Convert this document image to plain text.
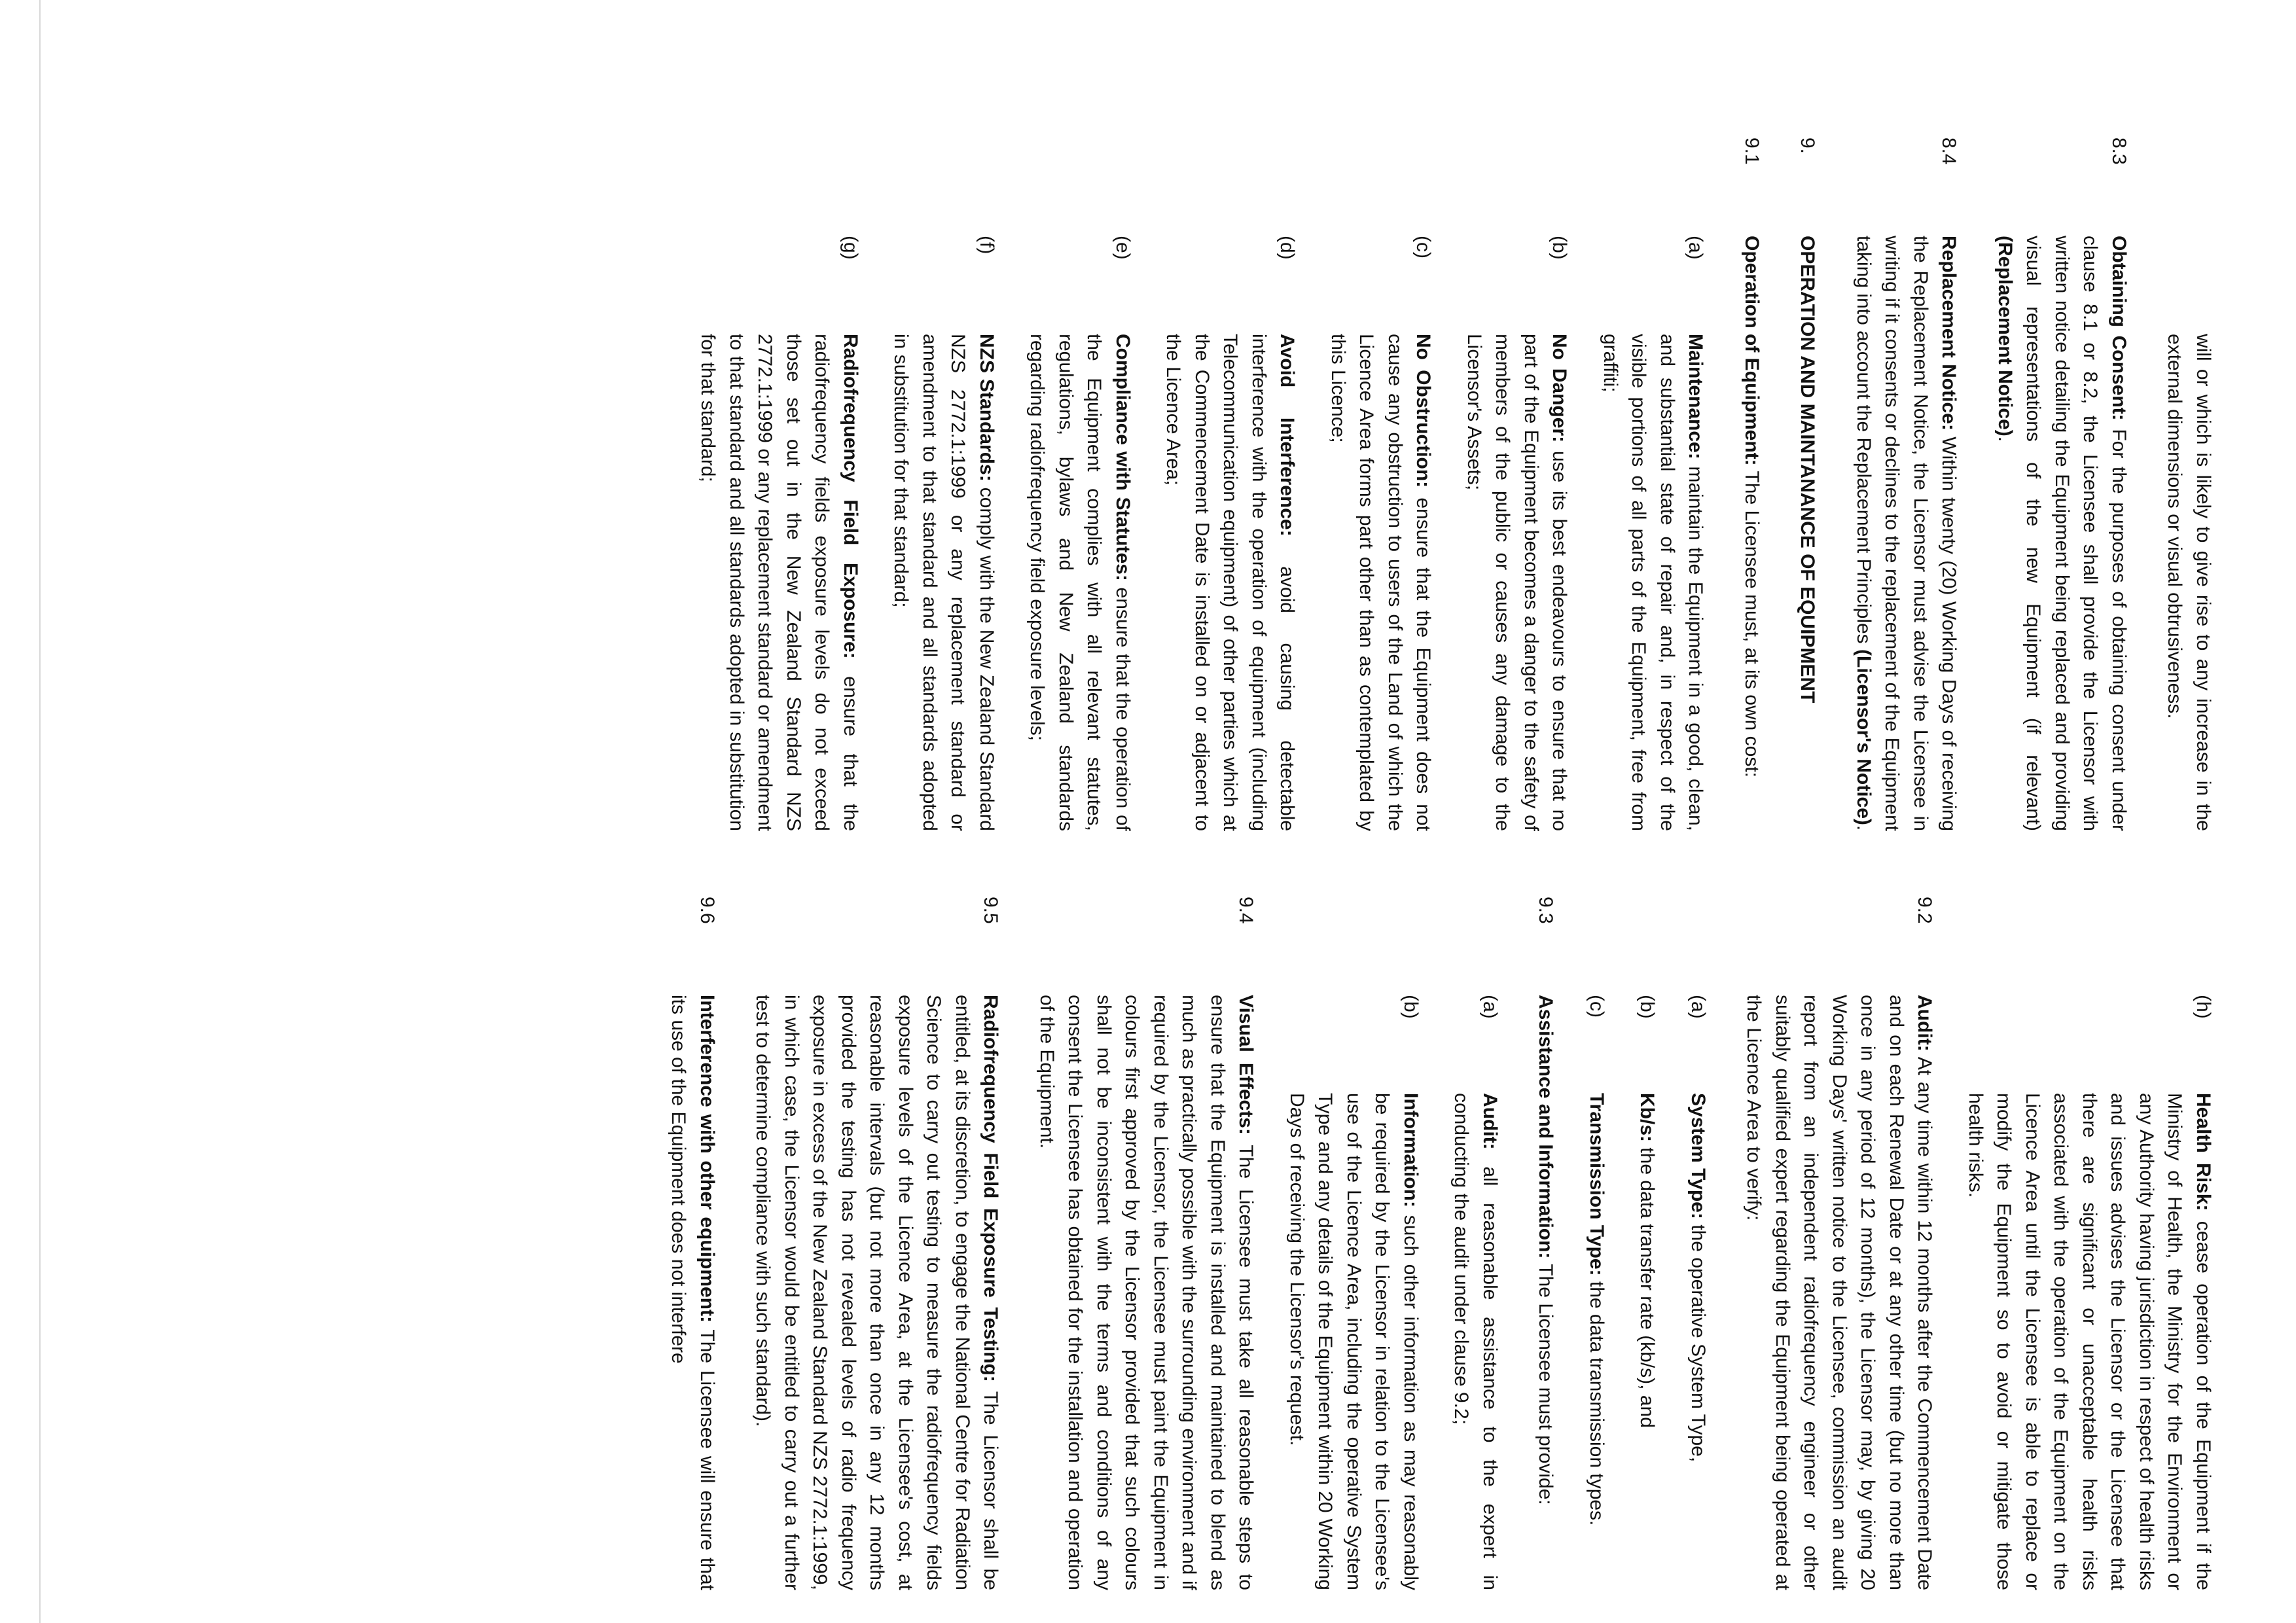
will or which is likely to give rise to any increase in the external dimensions or visual obtrusiveness.

8.3

Obtaining Consent: For the purposes of obtaining consent under clause 8.1 or 8.2, the Licensee shall provide the Licensor with written notice detailing the Equipment being replaced and providing visual representations of the new Equipment (if relevant) (Replacement Notice).

8.4

Replacement Notice: Within twenty (20) Working Days of receiving the Replacement Notice, the Licensor must advise the Licensee in writing if it consents or declines to the replacement of the Equipment taking into account the Replacement Principles (Licensor's Notice).

9.

OPERATION AND MAINTANANCE OF EQUIPMENT

9.1

Operation of Equipment: The Licensee must, at its own cost:

(a)

Maintenance: maintain the Equipment in a good, clean, and substantial state of repair and, in respect of the visible portions of all parts of the Equipment, free from graffiti;

(b)

No Danger: use its best endeavours to ensure that no part of the Equipment becomes a danger to the safety of members of the public or causes any damage to the Licensor's Assets;

(c)

No Obstruction: ensure that the Equipment does not cause any obstruction to users of the Land of which the Licence Area forms part other than as contemplated by this Licence;

(d)

Avoid Interference: avoid causing detectable interference with the operation of equipment (including Telecommunication equipment) of other parties which at the Commencement Date is installed on or adjacent to the Licence Area;

(e)

Compliance with Statutes: ensure that the operation of the Equipment complies with all relevant statutes, regulations, bylaws and New Zealand standards regarding radiofrequency field exposure levels;

(f)

NZS Standards: comply with the New Zealand Standard NZS 2772.1:1999 or any replacement standard or amendment to that standard and all standards adopted in substitution for that standard;

(g)

Radiofrequency Field Exposure: ensure that the radiofrequency fields exposure levels do not exceed those set out in the New Zealand Standard NZS 2772.1:1999 or any replacement standard or amendment to that standard and all standards adopted in substitution for that standard;

(h)

Health Risk: cease operation of the Equipment if the Ministry of Health, the Ministry for the Environment or any Authority having jurisdiction in respect of health risks and issues advises the Licensor or the Licensee that there are significant or unacceptable health risks associated with the operation of the Equipment on the Licence Area until the Licensee is able to replace or modify the Equipment so to avoid or mitigate those health risks.

9.2

Audit: At any time within 12 months after the Commencement Date and on each Renewal Date or at any other time (but no more than once in any period of 12 months), the Licensor may, by giving 20 Working Days' written notice to the Licensee, commission an audit report from an independent radiofrequency engineer or other suitably qualified expert regarding the Equipment being operated at the Licence Area to verify:

(a)

System Type: the operative System Type,

(b)

Kb/s: the data transfer rate (kb/s), and

(c)

Transmission Type: the data transmission types.

9.3

Assistance and Information: The Licensee must provide:

(a)

Audit: all reasonable assistance to the expert in conducting the audit under clause 9.2;

(b)

Information: such other information as may reasonably be required by the Licensor in relation to the Licensee's use of the Licence Area, including the operative System Type and any details of the Equipment within 20 Working Days of receiving the Licensor's request.

9.4

Visual Effects: The Licensee must take all reasonable steps to ensure that the Equipment is installed and maintained to blend as much as practically possible with the surrounding environment and if required by the Licensor, the Licensee must paint the Equipment in colours first approved by the Licensor provided that such colours shall not be inconsistent with the terms and conditions of any consent the Licensee has obtained for the installation and operation of the Equipment.

9.5

Radiofrequency Field Exposure Testing: The Licensor shall be entitled, at its discretion, to engage the National Centre for Radiation Science to carry out testing to measure the radiofrequency fields exposure levels of the Licence Area, at the Licensee's cost, at reasonable intervals (but not more than once in any 12 months provided the testing has not revealed levels of radio frequency exposure in excess of the New Zealand Standard NZS 2772.1:1999, in which case, the Licensor would be entitled to carry out a further test to determine compliance with such standard).

9.6

Interference with other equipment: The Licensee will ensure that its use of the Equipment does not interfere
